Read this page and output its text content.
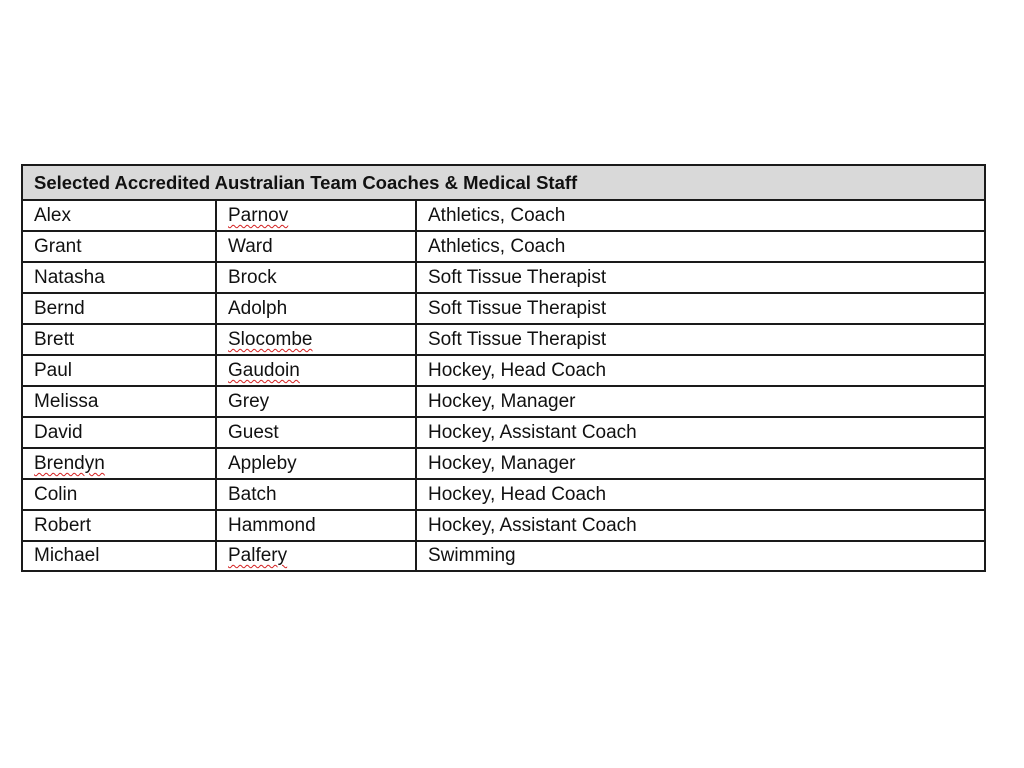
Selected Accredited Australian Team Coaches & Medical Staff		
Alex	Parnov	Athletics, Coach
Grant	Ward	Athletics, Coach
Natasha	Brock	Soft Tissue Therapist
Bernd	Adolph	Soft Tissue Therapist
Brett	Slocombe	Soft Tissue Therapist
Paul	Gaudoin	Hockey, Head Coach
Melissa	Grey	Hockey, Manager
David	Guest	Hockey, Assistant Coach
Brendyn	Appleby	Hockey, Manager
Colin	Batch	Hockey, Head Coach
Robert	Hammond	Hockey, Assistant Coach
Michael	Palfery	Swimming
